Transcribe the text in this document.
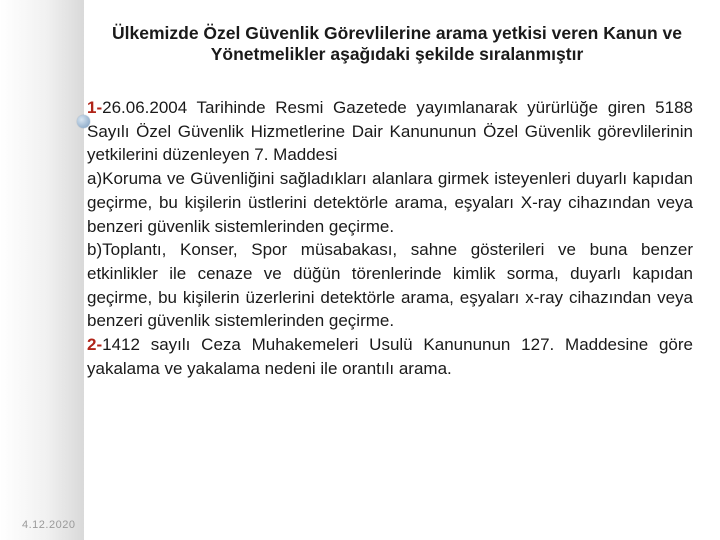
4.12.2020
Ülkemizde Özel Güvenlik Görevlilerine arama yetkisi veren Kanun ve Yönetmelikler aşağıdaki şekilde sıralanmıştır

1-26.06.2004 Tarihinde Resmi Gazetede yayımlanarak yürürlüğe giren 5188 Sayılı Özel Güvenlik Hizmetlerine Dair Kanununun Özel Güvenlik görevlilerinin yetkilerini düzenleyen 7. Maddesi

a)Koruma ve Güvenliğini sağladıkları alanlara girmek isteyenleri duyarlı kapıdan geçirme, bu kişilerin üstlerini detektörle arama, eşyaları X-ray cihazından veya benzeri güvenlik sistemlerinden geçirme.

b)Toplantı, Konser, Spor müsabakası, sahne gösterileri ve buna benzer etkinlikler ile cenaze ve düğün törenlerinde kimlik sorma, duyarlı kapıdan geçirme, bu kişilerin üzerlerini detektörle arama, eşyaları x-ray cihazından veya benzeri güvenlik sistemlerinden geçirme.

2-1412 sayılı Ceza Muhakemeleri Usulü Kanununun 127. Maddesine göre yakalama ve yakalama nedeni ile orantılı arama.
